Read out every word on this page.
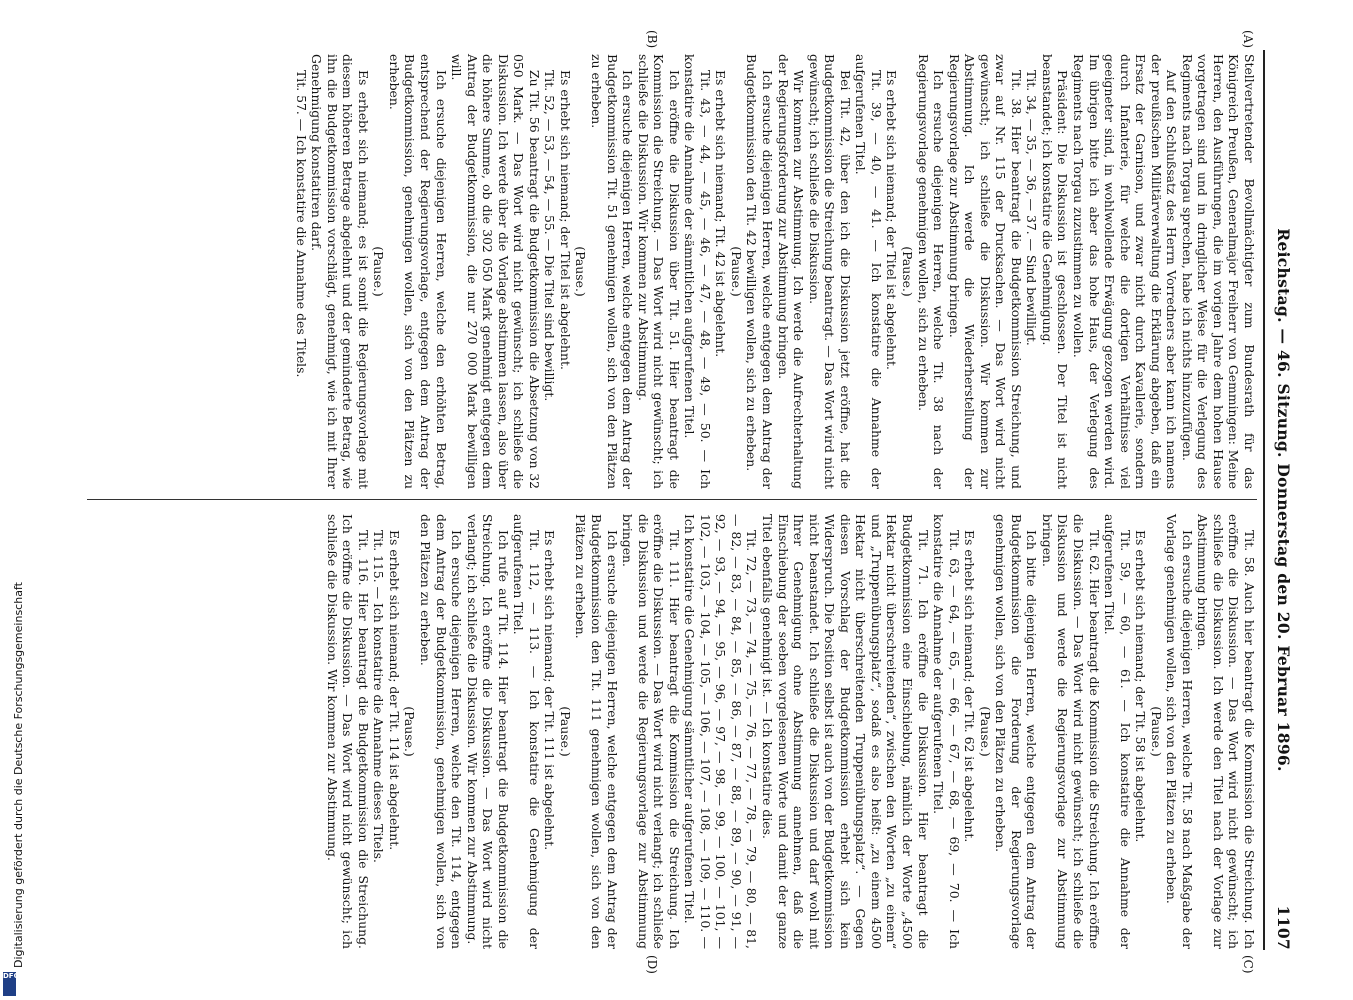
Reichstag. — 46. Sitzung. Donnerstag den 20. Februar 1896.
1107
(A)
(B)
(C)
(D)

Stellvertretender Bevollmächtigter zum Bundesrath für das Königreich Preußen, Generalmajor Freiherr von Gemmingen: Meine Herren, den Ausführungen, die im vorigen Jahre dem hohen Hause vorgetragen sind und in dringlicher Weise für die Verlegung des Regiments nach Torgau sprechen, habe ich nichts hinzuzufügen.

Auf den Schlußsatz des Herrn Vorredners aber kann ich namens der preußischen Militärverwaltung die Erklärung abgeben, daß ein Ersatz der Garnison, und zwar nicht durch Kavallerie, sondern durch Infanterie, für welche die dortigen Verhältnisse viel geeigneter sind, in wohlwollende Erwägung gezogen werden wird. Im übrigen bitte ich aber das hohe Haus, der Verlegung des Regiments nach Torgau zuzustimmen zu wollen.

Präsident: Die Diskussion ist geschlossen. Der Titel ist nicht beanstandet; ich konstatire die Genehmigung.

Tit. 34, — 35, — 36, — 37. — Sind bewilligt.

Tit. 38. Hier beantragt die Budgetkommission Streichung, und zwar auf Nr. 115 der Drucksachen. — Das Wort wird nicht gewünscht; ich schließe die Diskussion. Wir kommen zur Abstimmung. Ich werde die Wiederherstellung der Regierungsvorlage zur Abstimmung bringen.

Ich ersuche diejenigen Herren, welche Tit. 38 nach der Regierungsvorlage genehmigen wollen, sich zu erheben.

(Pause.)

Es erhebt sich niemand; der Titel ist abgelehnt.

Tit. 39, — 40, — 41. — Ich konstatire die Annahme der aufgerufenen Titel.

Bei Tit. 42, über den ich die Diskussion jetzt eröffne, hat die Budgetkommission die Streichung beantragt. — Das Wort wird nicht gewünscht; ich schließe die Diskussion.

Wir kommen zur Abstimmung. Ich werde die Aufrechterhaltung der Regierungsforderung zur Abstimmung bringen.

Ich ersuche diejenigen Herren, welche entgegen dem Antrag der Budgetkommission den Tit. 42 bewilligen wollen, sich zu erheben.

(Pause.)

Es erhebt sich niemand; Tit. 42 ist abgelehnt.

Tit. 43, — 44, — 45, — 46, — 47, — 48, — 49, — 50. — Ich konstatire die Annahme der sämmtlichen aufgerufenen Titel.

Ich eröffne die Diskussion über Tit. 51. Hier beantragt die Kommission die Streichung. — Das Wort wird nicht gewünscht; ich schließe die Diskussion. Wir kommen zur Abstimmung.

Ich ersuche diejenigen Herren, welche entgegen dem Antrag der Budgetkommission Tit. 51 genehmigen wollen, sich von den Plätzen zu erheben.

(Pause.)

Es erhebt sich niemand; der Titel ist abgelehnt.

Tit. 52, — 53, — 54, — 55. — Die Titel sind bewilligt.

Zu Tit. 56 beantragt die Budgetkommission die Absetzung von 32 050 Mark. — Das Wort wird nicht gewünscht; ich schließe die Diskussion. Ich werde über die Vorlage abstimmen lassen, also über die höhere Summe, ob die 302 050 Mark genehmigt entgegen dem Antrag der Budgetkommission, die nur 270 000 Mark bewilligen will.

Ich ersuche diejenigen Herren, welche den erhöhten Betrag, entsprechend der Regierungsvorlage, entgegen dem Antrag der Budgetkommission, genehmigen wollen, sich von den Plätzen zu erheben.

(Pause.)

Es erhebt sich niemand; es ist somit die Regierungsvorlage mit diesem höheren Betrage abgelehnt und der geminderte Betrag, wie ihn die Budgetkommission vorschlägt, genehmigt, wie ich mit Ihrer Genehmigung konstatiren darf.

Tit. 57. — Ich konstatire die Annahme des Titels.

Tit. 58. Auch hier beantragt die Kommission die Streichung. Ich eröffne die Diskussion. — Das Wort wird nicht gewünscht; ich schließe die Diskussion. Ich werde den Titel nach der Vorlage zur Abstimmung bringen.

Ich ersuche diejenigen Herren, welche Tit. 58 nach Maßgabe der Vorlage genehmigen wollen, sich von den Plätzen zu erheben.

(Pause.)

Es erhebt sich niemand; der Tit. 58 ist abgelehnt.

Tit. 59, — 60, — 61. — Ich konstatire die Annahme der aufgerufenen Titel.

Tit. 62. Hier beantragt die Kommission die Streichung. Ich eröffne die Diskussion. — Das Wort wird nicht gewünscht; ich schließe die Diskussion und werde die Regierungsvorlage zur Abstimmung bringen.

Ich bitte diejenigen Herren, welche entgegen dem Antrag der Budgetkommission die Forderung der Regierungsvorlage genehmigen wollen, sich von den Plätzen zu erheben.

(Pause.)

Es erhebt sich niemand; der Tit. 62 ist abgelehnt.

Tit. 63, — 64, — 65, — 66, — 67, — 68, — 69, — 70. — Ich konstatire die Annahme der aufgerufenen Titel.

Tit. 71. Ich eröffne die Diskussion. Hier beantragt die Budgetkommission eine Einschiebung, nämlich der Worte „4500 Hektar nicht überschreitenden“, zwischen den Worten „zu einem“ und „Truppenübungsplatz“, sodaß es also heißt: „zu einem 4500 Hektar nicht überschreitenden Truppenübungsplatz“. — Gegen diesen Vorschlag der Budgetkommission erhebt sich kein Widerspruch. Die Position selbst ist auch von der Budgetkommission nicht beanstandet. Ich schließe die Diskussion und darf wohl mit Ihrer Genehmigung ohne Abstimmung annehmen, daß die Einschiebung der soeben vorgelesenen Worte und damit der ganze Titel ebenfalls genehmigt ist. — Ich konstatire dies.

Tit. 72, — 73, — 74, — 75, — 76, — 77, — 78, — 79, — 80, — 81, — 82, — 83, — 84, — 85, — 86, — 87, — 88, — 89, — 90, — 91, — 92, — 93, — 94, — 95, — 96, — 97, — 98, — 99, — 100, — 101, — 102, — 103, — 104, — 105, — 106, — 107, — 108, — 109, — 110. — Ich konstatire die Genehmigung sämmtlicher aufgerufenen Titel.

Tit. 111. Hier beantragt die Kommission die Streichung. Ich eröffne die Diskussion. — Das Wort wird nicht verlangt; ich schließe die Diskussion und werde die Regierungsvorlage zur Abstimmung bringen.

Ich ersuche diejenigen Herren, welche entgegen dem Antrag der Budgetkommission den Tit. 111 genehmigen wollen, sich von den Plätzen zu erheben.

(Pause.)

Es erhebt sich niemand; der Tit. 111 ist abgelehnt.

Tit. 112, — 113. — Ich konstatire die Genehmigung der aufgerufenen Titel.

Ich rufe auf Tit. 114. Hier beantragt die Budgetkommission die Streichung. Ich eröffne die Diskussion. — Das Wort wird nicht verlangt; ich schließe die Diskussion. Wir kommen zur Abstimmung.

Ich ersuche diejenigen Herren, welche den Tit. 114, entgegen dem Antrag der Budgetkommission, genehmigen wollen, sich von den Plätzen zu erheben.

(Pause.)

Es erhebt sich niemand; der Tit. 114 ist abgelehnt.

Tit. 115. — Ich konstatire die Annahme dieses Titels.

Tit. 116. Hier beantragt die Budgetkommission die Streichung. Ich eröffne die Diskussion. — Das Wort wird nicht gewünscht; ich schließe die Diskussion. Wir kommen zur Abstimmung.

Digitalisierung gefördert durch die Deutsche Forschungsgemeinschaft
DFG
